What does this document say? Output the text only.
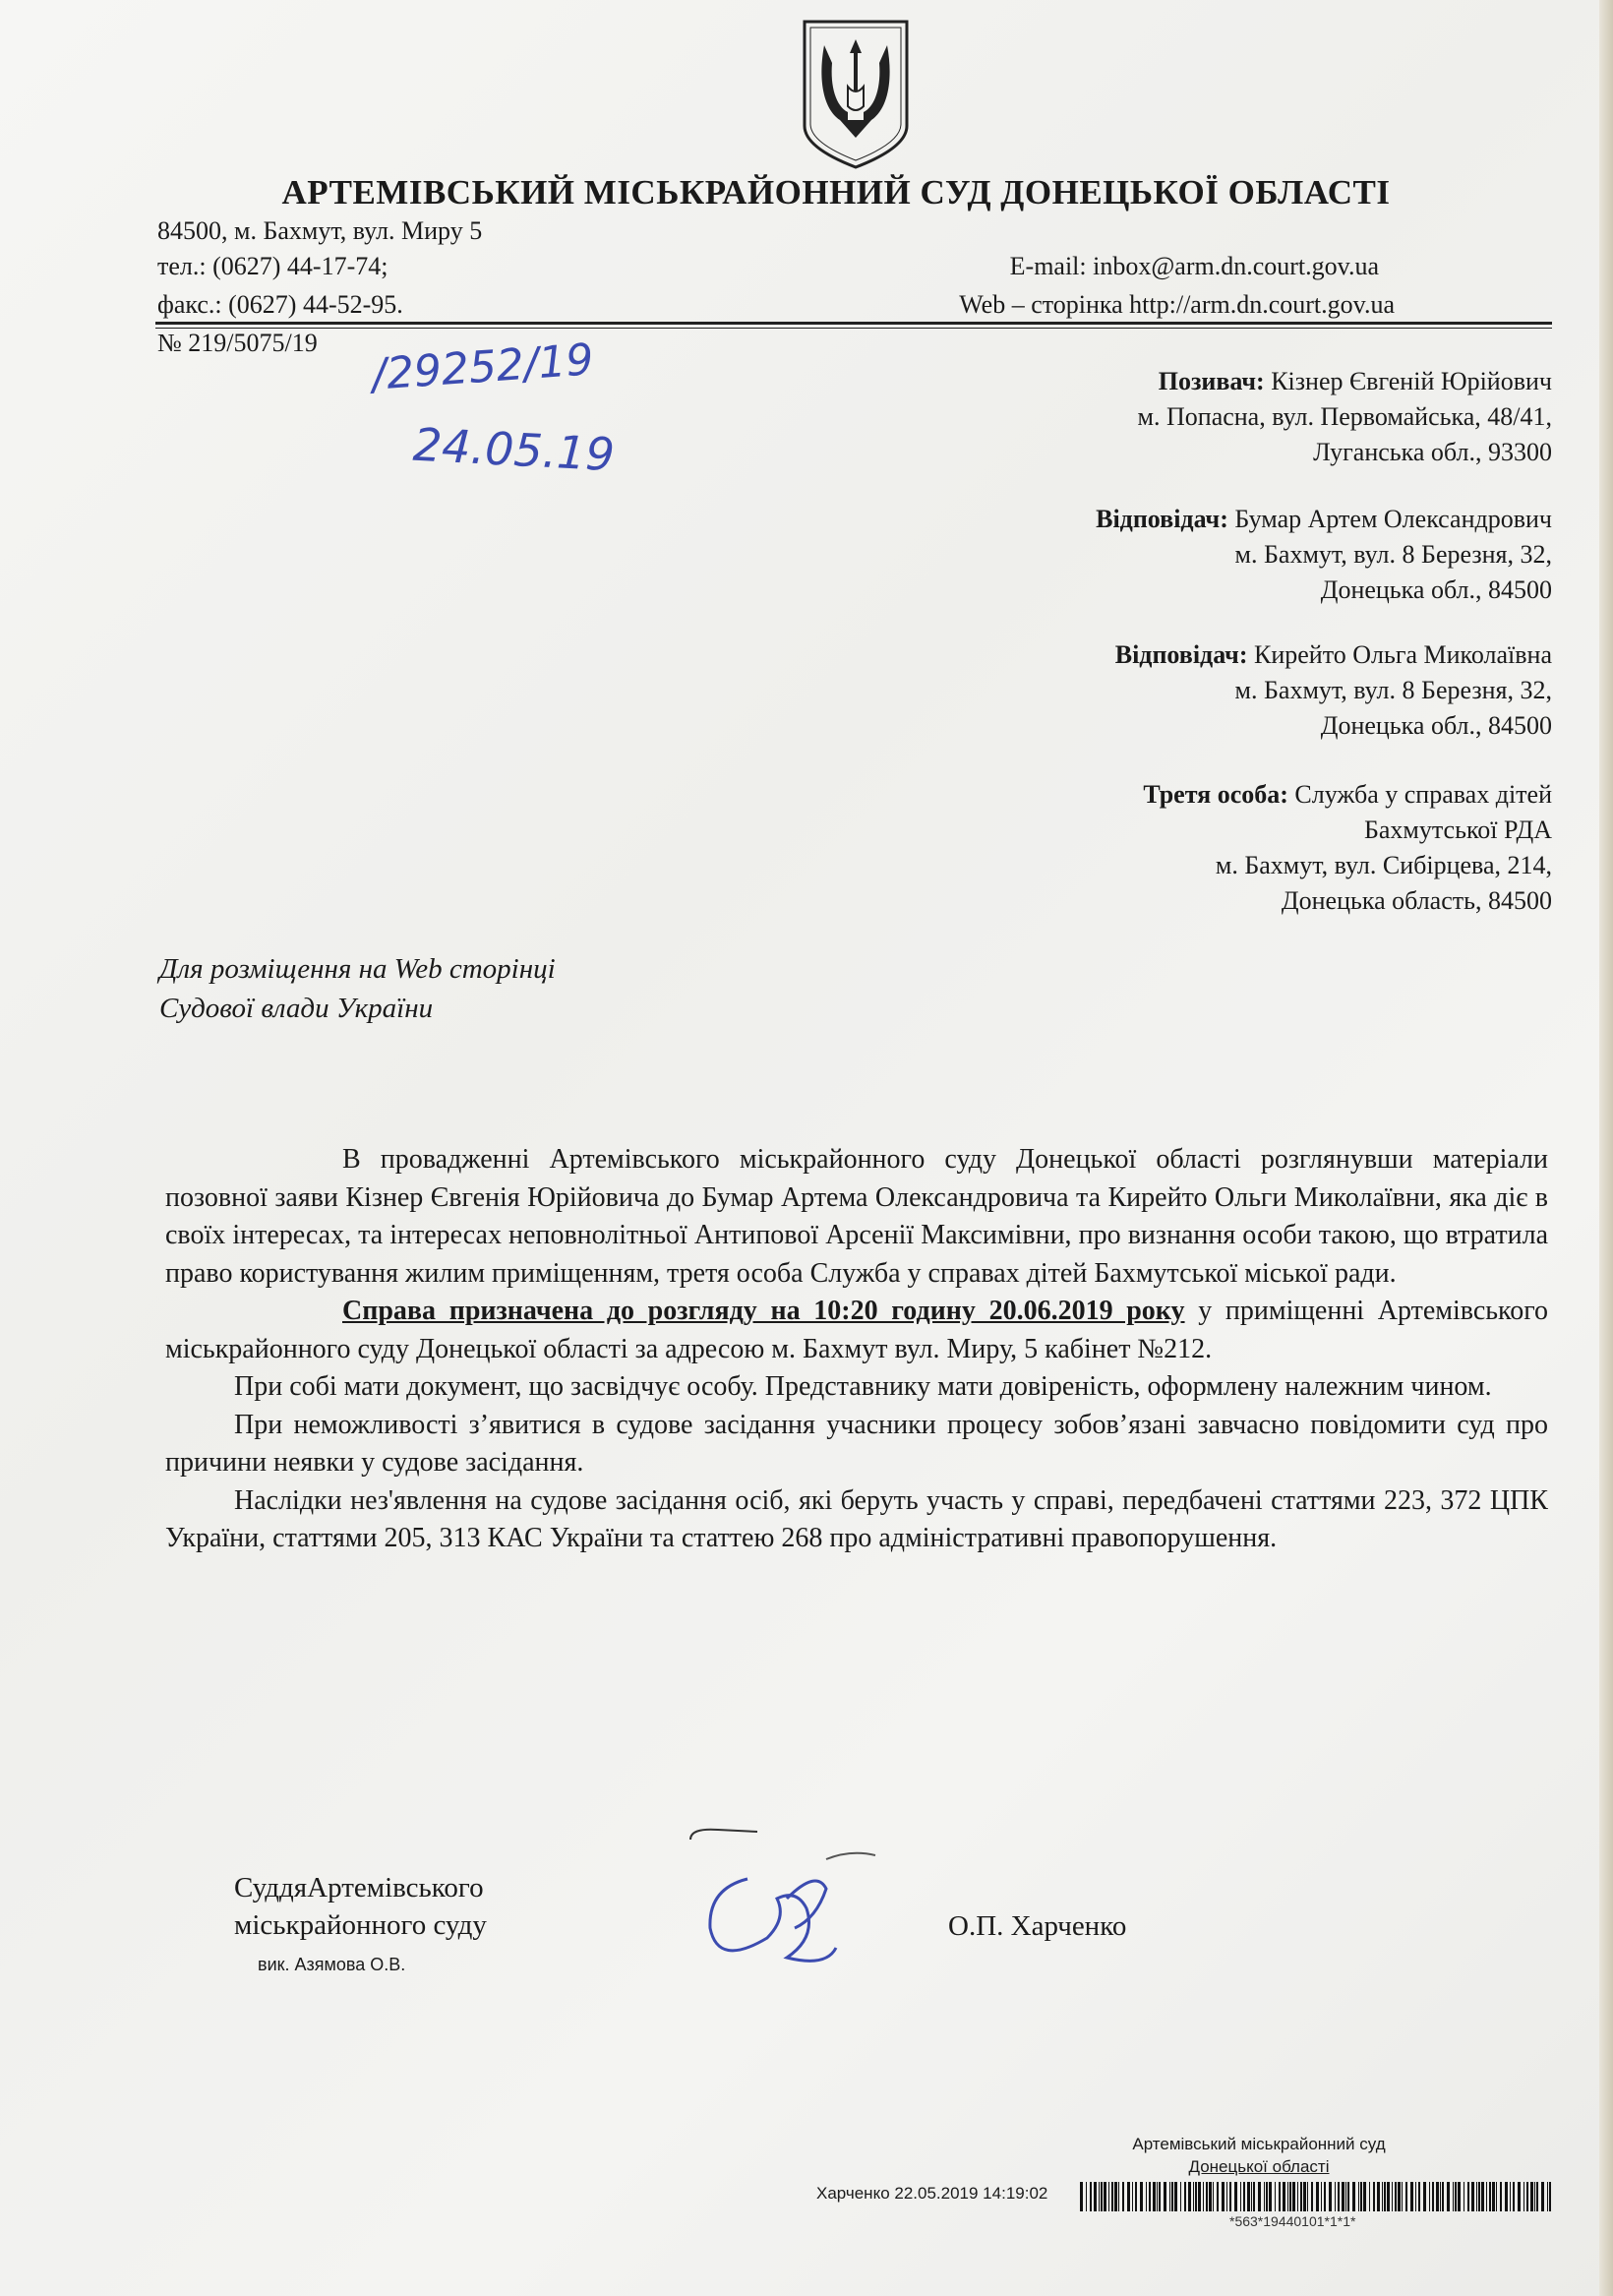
АРТЕМІВСЬКИЙ МІСЬКРАЙОННИЙ СУД ДОНЕЦЬКОЇ ОБЛАСТІ
84500, м. Бахмут, вул. Миру 5
тел.: (0627) 44-17-74;
факс.: (0627) 44-52-95.
E-mail: inbox@arm.dn.court.gov.ua
Web – сторінка http://arm.dn.court.gov.ua
№ 219/5075/19 /29252/19
24.05.19
Позивач: Кізнер Євгеній Юрійович
м. Попасна, вул. Первомайська, 48/41,
Луганська обл., 93300
Відповідач: Бумар Артем Олександрович
м. Бахмут, вул. 8 Березня, 32,
Донецька обл., 84500
Відповідач: Кирейто Ольга Миколаївна
м. Бахмут, вул. 8 Березня, 32,
Донецька обл., 84500
Третя особа: Служба у справах дітей
Бахмутської РДА
м. Бахмут, вул. Сибірцева, 214,
Донецька область, 84500
Для розміщення на Web сторінці
Судової влади України

В провадженні Артемівського міськрайонного суду Донецької області розглянувши матеріали позовної заяви Кізнер Євгенія Юрійовича до Бумар Артема Олександровича та Кирейто Ольги Миколаївни, яка діє в своїх інтересах, та інтересах неповнолітньої Антипової Арсенії Максимівни, про визнання особи такою, що втратила право користування жилим приміщенням, третя особа Служба у справах дітей Бахмутської міської ради.

Справа призначена до розгляду на 10:20 годину 20.06.2019 року у приміщенні Артемівського міськрайонного суду Донецької області за адресою м. Бахмут вул. Миру, 5 кабінет №212.

При собі мати документ, що засвідчує особу. Представнику мати довіреність, оформлену належним чином.

При неможливості з’явитися в судове засідання учасники процесу зобов’язані завчасно повідомити суд про причини неявки у судове засідання.

Наслідки нез'явлення на судове засідання осіб, які беруть участь у справі, передбачені статтями 223, 372 ЦПК України, статтями 205, 313 КАС України та статтею 268 про адміністративні правопорушення.

СуддяАртемівського
міськрайонного суду
вик. Азямова О.В.
О.П. Харченко
Артемівський міськрайонний суд
Донецької області
Харченко 22.05.2019 14:19:02
*563*19440101*1*1*
